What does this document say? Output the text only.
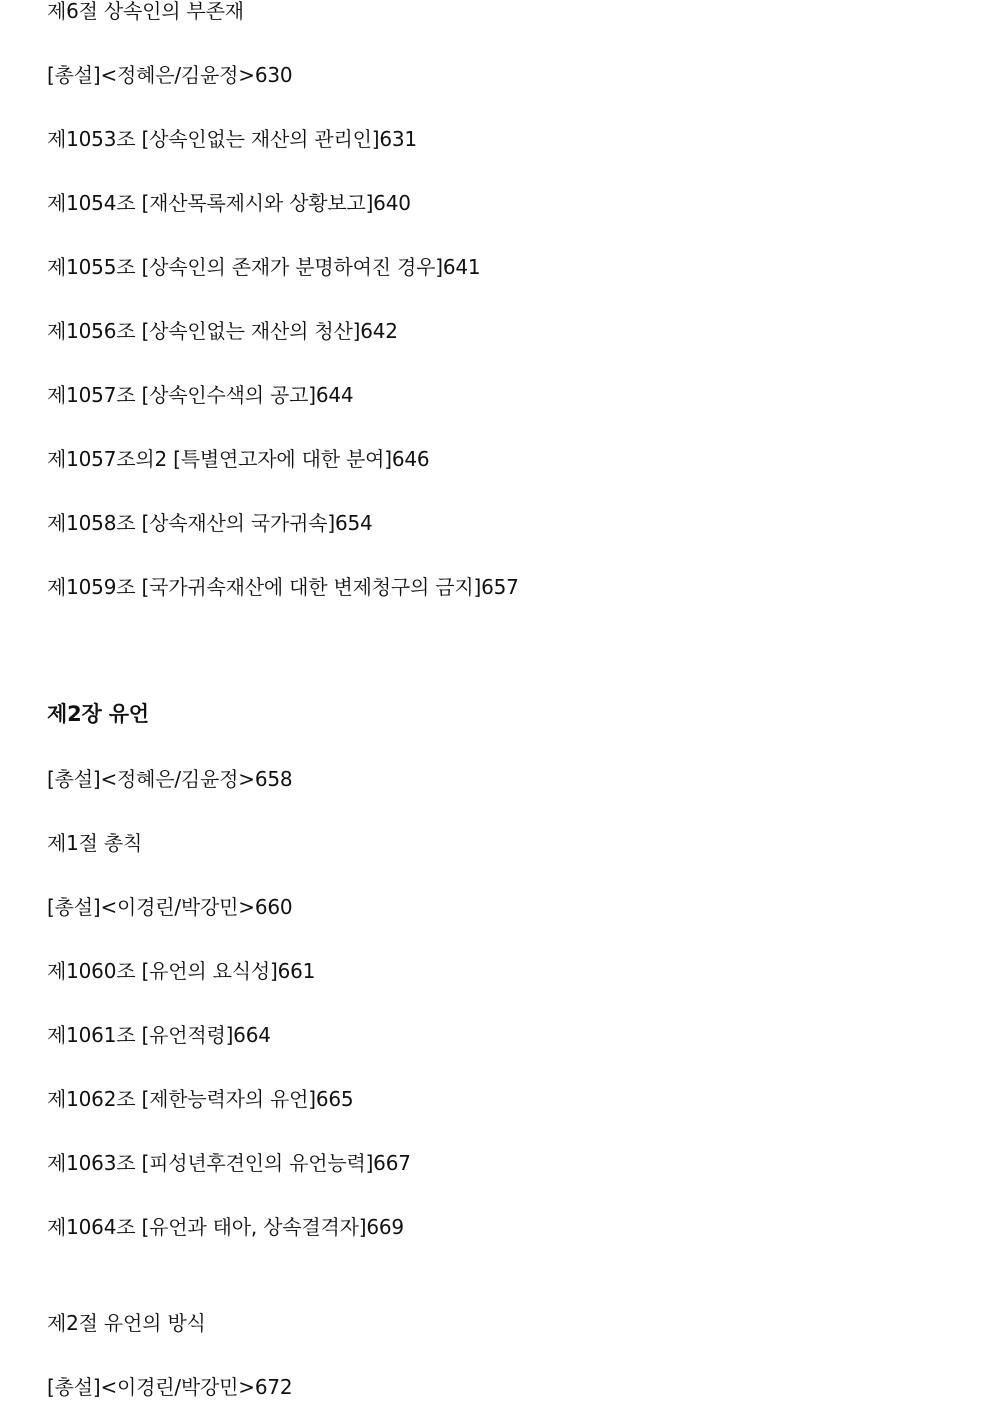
제6절 상속인의 부존재
[총설]<정혜은/김윤정>630
제1053조 [상속인없는 재산의 관리인]631
제1054조 [재산목록제시와 상황보고]640
제1055조 [상속인의 존재가 분명하여진 경우]641
제1056조 [상속인없는 재산의 청산]642
제1057조 [상속인수색의 공고]644
제1057조의2 [특별연고자에 대한 분여]646
제1058조 [상속재산의 국가귀속]654
제1059조 [국가귀속재산에 대한 변제청구의 금지]657
제2장 유언
[총설]<정혜은/김윤정>658
제1절 총칙
[총설]<이경린/박강민>660
제1060조 [유언의 요식성]661
제1061조 [유언적령]664
제1062조 [제한능력자의 유언]665
제1063조 [피성년후견인의 유언능력]667
제1064조 [유언과 태아, 상속결격자]669
제2절 유언의 방식
[총설]<이경린/박강민>672
